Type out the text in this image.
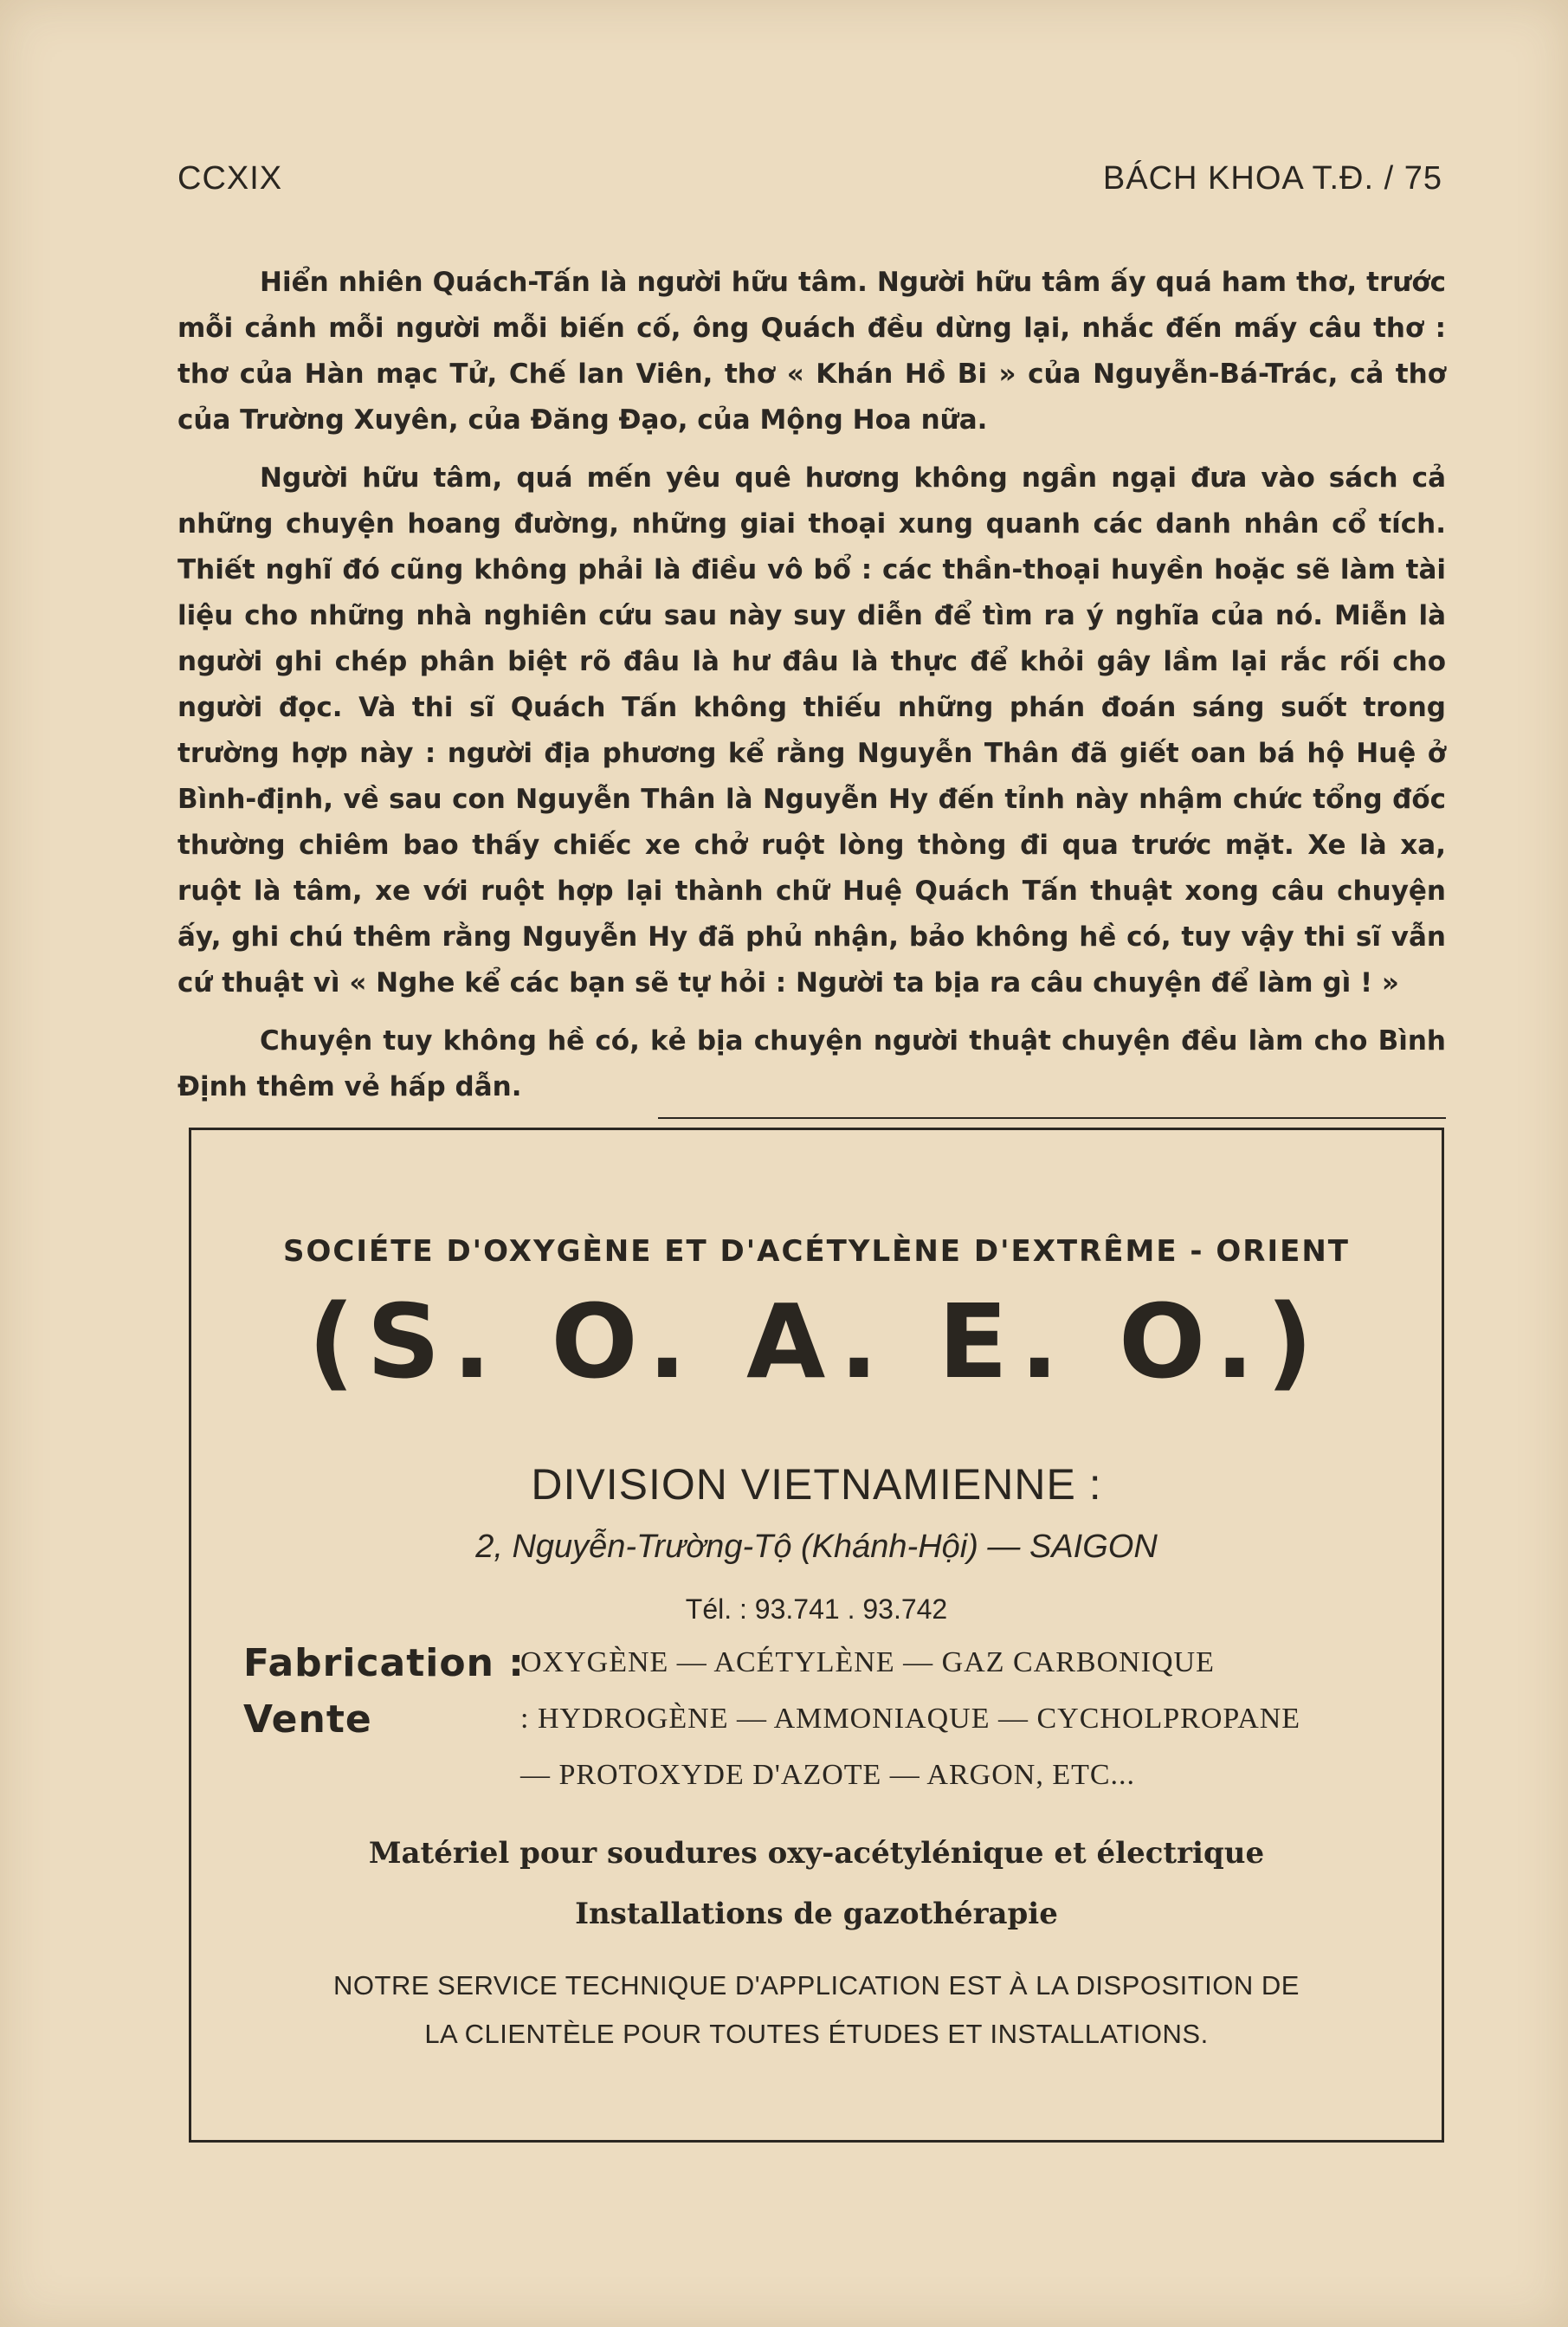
CCXIX	BÁCH KHOA T.Đ. / 75

Hiển nhiên Quách-Tấn là người hữu tâm. Người hữu tâm ấy quá ham thơ, trước mỗi cảnh mỗi người mỗi biến cố, ông Quách đều dừng lại, nhắc đến mấy câu thơ : thơ của Hàn mạc Tử, Chế lan Viên, thơ « Khán Hồ Bi » của Nguyễn-Bá-Trác, cả thơ của Trường Xuyên, của Đăng Đạo, của Mộng Hoa nữa.

Người hữu tâm, quá mến yêu quê hương không ngần ngại đưa vào sách cả những chuyện hoang đường, những giai thoại xung quanh các danh nhân cổ tích. Thiết nghĩ đó cũng không phải là điều vô bổ : các thần-thoại huyền hoặc sẽ làm tài liệu cho những nhà nghiên cứu sau này suy diễn để tìm ra ý nghĩa của nó. Miễn là người ghi chép phân biệt rõ đâu là hư đâu là thực để khỏi gây lầm lại rắc rối cho người đọc. Và thi sĩ Quách Tấn không thiếu những phán đoán sáng suốt trong trường hợp này : người địa phương kể rằng Nguyễn Thân đã giết oan bá hộ Huệ ở Bình-định, về sau con Nguyễn Thân là Nguyễn Hy đến tỉnh này nhậm chức tổng đốc thường chiêm bao thấy chiếc xe chở ruột lòng thòng đi qua trước mặt. Xe là xa, ruột là tâm, xe với ruột hợp lại thành chữ Huệ Quách Tấn thuật xong câu chuyện ấy, ghi chú thêm rằng Nguyễn Hy đã phủ nhận, bảo không hề có, tuy vậy thi sĩ vẫn cứ thuật vì « Nghe kể các bạn sẽ tự hỏi : Người ta bịa ra câu chuyện để làm gì ! »

Chuyện tuy không hề có, kẻ bịa chuyện người thuật chuyện đều làm cho Bình Định thêm vẻ hấp dẫn.

SOCIÉTE D'OXYGÈNE ET D'ACÉTYLÈNE D'EXTRÊME - ORIENT
(S. O. A. E. O.)
DIVISION VIETNAMIENNE :
2, Nguyễn-Trường-Tộ (Khánh-Hội) — SAIGON
Tél. : 93.741 . 93.742
Fabrication :
OXYGÈNE — ACÉTYLÈNE — GAZ CARBONIQUE
Vente	: HYDROGÈNE — AMMONIAQUE — CYCHOLPROPANE
— PROTOXYDE D'AZOTE — ARGON, ETC...
Matériel pour soudures oxy-acétylénique et électrique
Installations de gazothérapie
NOTRE SERVICE TECHNIQUE D'APPLICATION EST À LA DISPOSITION DE
LA CLIENTÈLE POUR TOUTES ÉTUDES ET INSTALLATIONS.
